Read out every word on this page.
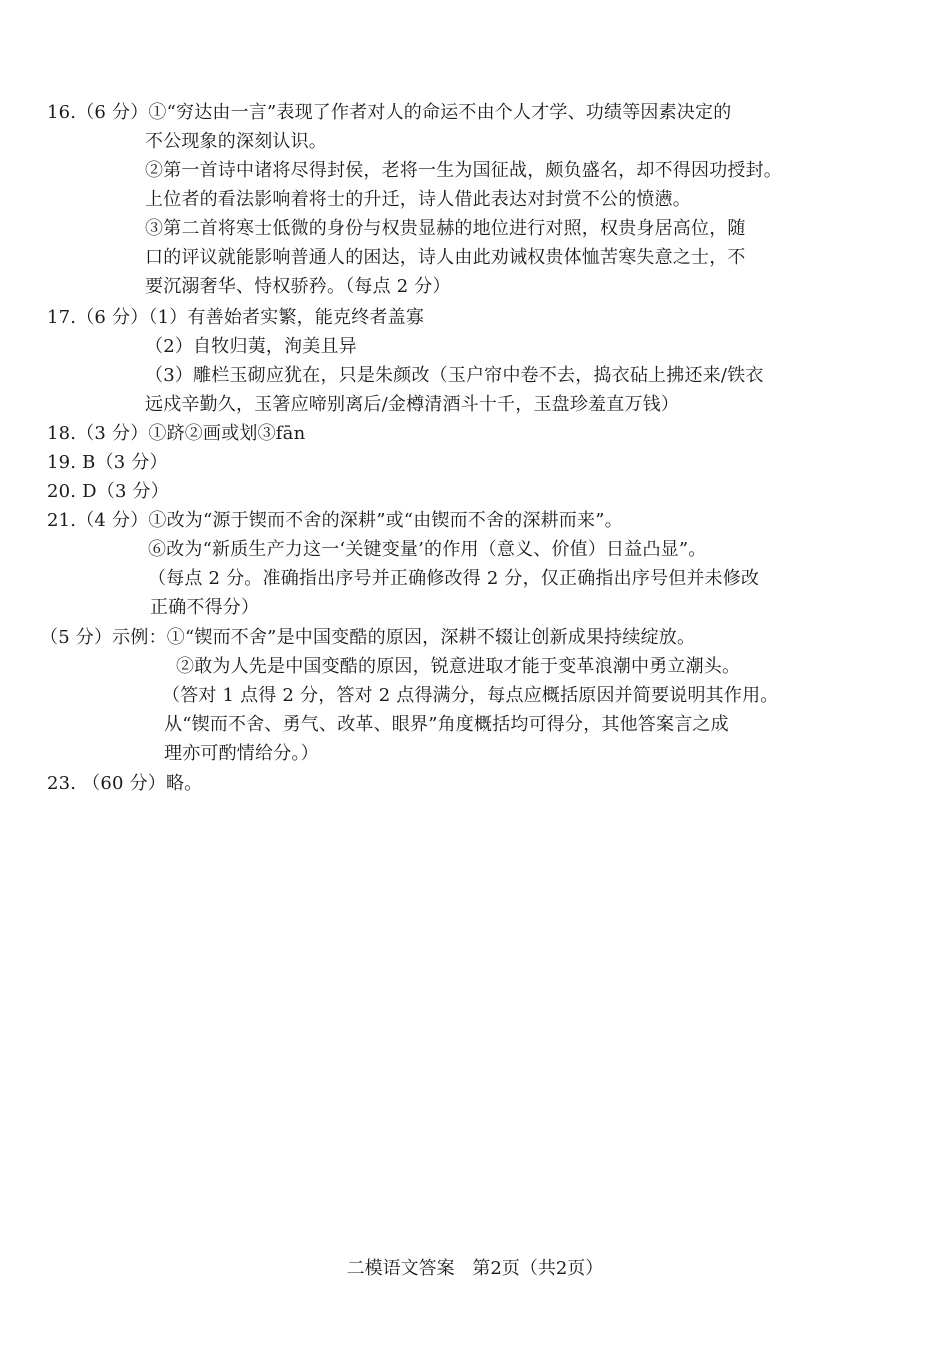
16.（6 分）①“穷达由一言”表现了作者对人的命运不由个人才学、功绩等因素决定的
不公现象的深刻认识。
②第一首诗中诸将尽得封侯，老将一生为国征战，颇负盛名，却不得因功授封。
上位者的看法影响着将士的升迁，诗人借此表达对封赏不公的愤懑。
③第二首将寒士低微的身份与权贵显赫的地位进行对照，权贵身居高位，随
口的评议就能影响普通人的困达，诗人由此劝诫权贵体恤苦寒失意之士，不
要沉溺奢华、恃权骄矜。（每点 2 分）
17.（6 分）（1）有善始者实繁，能克终者盖寡
（2）自牧归荑，洵美且异
（3）雕栏玉砌应犹在，只是朱颜改（玉户帘中卷不去，捣衣砧上拂还来/铁衣
远戍辛勤久，玉箸应啼别离后/金樽清酒斗十千，玉盘珍羞直万钱）
18.（3 分）①跻②画或划③fān
19. B（3 分）
20. D（3 分）
21.（4 分）①改为“源于锲而不舍的深耕”或“由锲而不舍的深耕而来”。
⑥改为“新质生产力这一‘关键变量’的作用（意义、价值）日益凸显”。
（每点 2 分。准确指出序号并正确修改得 2 分，仅正确指出序号但并未修改
正确不得分）
（5 分）示例：①“锲而不舍”是中国变酷的原因，深耕不辍让创新成果持续绽放。
②敢为人先是中国变酷的原因，锐意进取才能于变革浪潮中勇立潮头。
（答对 1 点得 2 分，答对 2 点得满分，每点应概括原因并简要说明其作用。
从“锲而不舍、勇气、改革、眼界”角度概括均可得分，其他答案言之成
理亦可酌情给分。）
23. （60 分）略。
二模语文答案 第2页（共2页）
